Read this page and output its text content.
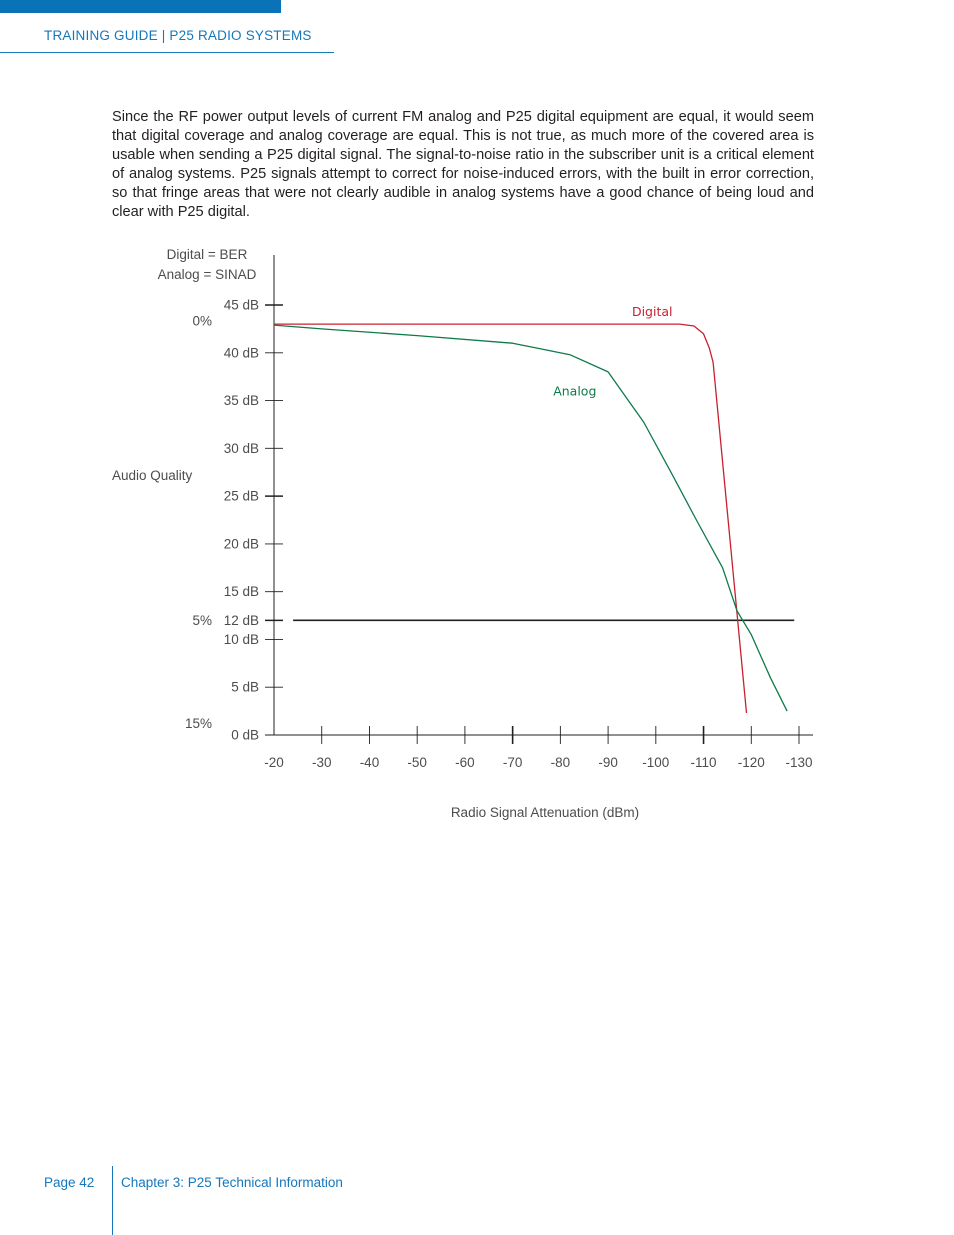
TRAINING GUIDE | P25 RADIO SYSTEMS

Since the RF power output levels of current FM analog and P25 digital equipment are equal, it would seem that digital coverage and analog coverage are equal. This is not true, as much more of the covered area is usable when sending a P25 digital signal. The signal-to-noise ratio in the subscriber unit is a critical element of analog systems. P25 signals attempt to correct for noise-induced errors, with the built in error correction, so that fringe areas that were not clearly audible in analog systems have a good chance of being loud and clear with P25 digital.

0 dB
5 dB
10 dB
12 dB
15 dB
20 dB
25 dB
30 dB
35 dB
40 dB
45 dB
-20 -30 -40 -50 -60 -70 -80 -90 -100 -110 -120 -130
0%
5%
15%
Digital = BER
Analog = SINAD
Audio Quality
Radio Signal Attenuation (dBm)
Digital
Analog
Page 42 Chapter 3: P25 Technical Information
